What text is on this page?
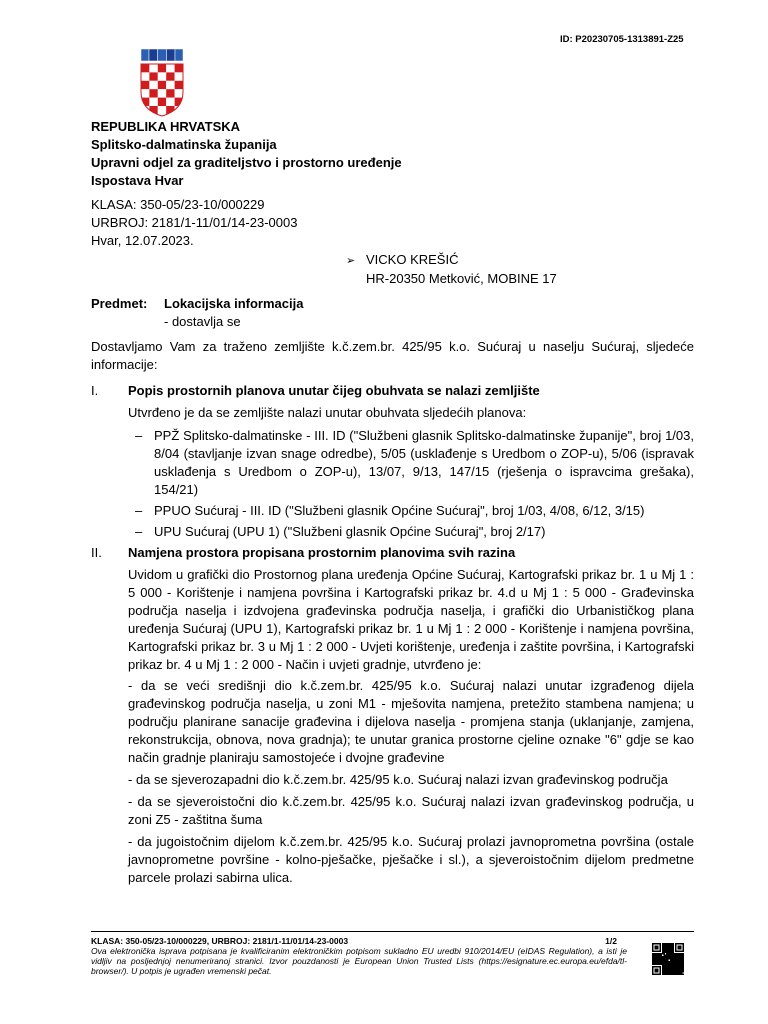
ID: P20230705-1313891-Z25
REPUBLIKA HRVATSKA
Splitsko-dalmatinska županija
Upravni odjel za graditeljstvo i prostorno uređenje
Ispostava Hvar
KLASA: 350-05/23-10/000229
URBROJ: 2181/1-11/01/14-23-0003
Hvar, 12.07.2023.
➢ VICKO KREŠIĆ
HR-20350 Metković, MOBINE 17
Predmet: Lokacijska informacija
- dostavlja se
Dostavljamo Vam za traženo zemljište k.č.zem.br. 425/95 k.o. Sućuraj u naselju Sućuraj, sljedeće informacije:
I. Popis prostornih planova unutar čijeg obuhvata se nalazi zemljište
Utvrđeno je da se zemljište nalazi unutar obuhvata sljedećih planova:
– PPŽ Splitsko-dalmatinske - III. ID ("Službeni glasnik Splitsko-dalmatinske županije", broj 1/03, 8/04 (stavljanje izvan snage odredbe), 5/05 (usklađenje s Uredbom o ZOP-u), 5/06 (ispravak usklađenja s Uredbom o ZOP-u), 13/07, 9/13, 147/15 (rješenja o ispravcima grešaka), 154/21)
– PPUO Sućuraj - III. ID ("Službeni glasnik Općine Sućuraj", broj 1/03, 4/08, 6/12, 3/15)
– UPU Sućuraj (UPU 1) ("Službeni glasnik Općine Sućuraj", broj 2/17)
II. Namjena prostora propisana prostornim planovima svih razina
Uvidom u grafički dio Prostornog plana uređenja Općine Sućuraj, Kartografski prikaz br. 1 u Mj 1 : 5 000 - Korištenje i namjena površina i Kartografski prikaz br. 4.d u Mj 1 : 5 000 - Građevinska područja naselja i izdvojena građevinska područja naselja, i grafički dio Urbanističkog plana uređenja Sućuraj (UPU 1), Kartografski prikaz br. 1 u Mj 1 : 2 000 - Korištenje i namjena površina, Kartografski prikaz br. 3 u Mj 1 : 2 000 - Uvjeti korištenje, uređenja i zaštite površina, i Kartografski prikaz br. 4 u Mj 1 : 2 000 - Način i uvjeti gradnje, utvrđeno je:
- da se veći središnji dio k.č.zem.br. 425/95 k.o. Sućuraj nalazi unutar izgrađenog dijela građevinskog područja naselja, u zoni M1 - mješovita namjena, pretežito stambena namjena; u području planirane sanacije građevina i dijelova naselja - promjena stanja (uklanjanje, zamjena, rekonstrukcija, obnova, nova gradnja); te unutar granica prostorne cjeline oznake "6" gdje se kao način gradnje planiraju samostojeće i dvojne građevine
- da se sjeverozapadni dio k.č.zem.br. 425/95 k.o. Sućuraj nalazi izvan građevinskog područja
- da se sjeveroistočni dio k.č.zem.br. 425/95 k.o. Sućuraj nalazi izvan građevinskog područja, u zoni Z5 - zaštitna šuma
- da jugoistočnim dijelom k.č.zem.br. 425/95 k.o. Sućuraj prolazi javnoprometna površina (ostale javnoprometne površine - kolno-pješačke, pješačke i sl.), a sjeveroistočnim dijelom predmetne parcele prolazi sabirna ulica.
KLASA: 350-05/23-10/000229, URBROJ: 2181/1-11/01/14-23-0003	1/2
Ova elektronička isprava potpisana je kvalificiranim elektroničkim potpisom sukladno EU uredbi 910/2014/EU (eIDAS Regulation), a isti je vidljiv na posljednjoj nenumeriranoj stranici. Izvor pouzdanosti je European Union Trusted Lists (https://esignature.ec.europa.eu/efda/tl-browser/). U potpis je ugrađen vremenski pečat.
